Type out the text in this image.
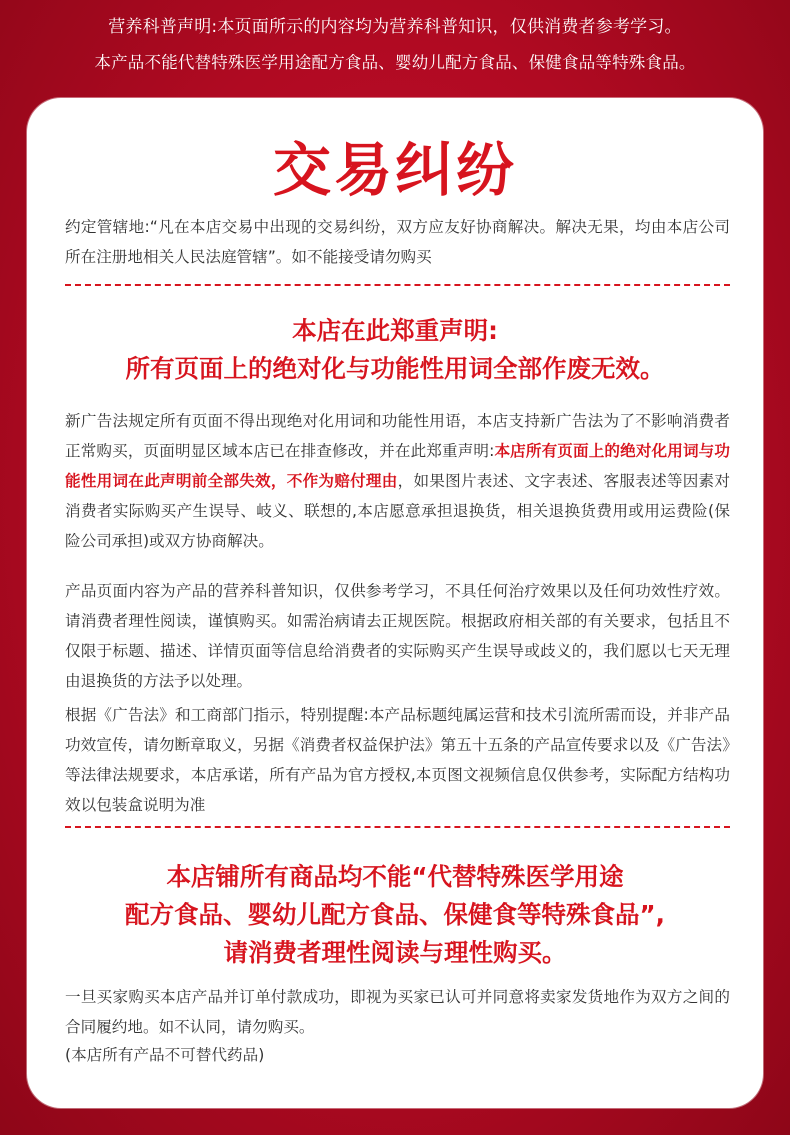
营养科普声明:本页面所示的内容均为营养科普知识，仅供消费者参考学习。
本产品不能代替特殊医学用途配方食品、婴幼儿配方食品、保健食品等特殊食品。
交易纠纷
约定管辖地:“凡在本店交易中出现的交易纠纷，双方应友好协商解决。解决无果，均由本店公司所在注册地相关人民法庭管辖”。如不能接受请勿购买
本店在此郑重声明:
所有页面上的绝对化与功能性用词全部作废无效。
新广告法规定所有页面不得出现绝对化用词和功能性用语，本店支持新广告法为了不影响消费者正常购买，页面明显区域本店已在排查修改，并在此郑重声明:本店所有页面上的绝对化用词与功能性用词在此声明前全部失效，不作为赔付理由，如果图片表述、文字表述、客服表述等因素对消费者实际购买产生误导、岐义、联想的,本店愿意承担退换货，相关退换货费用或用运费险(保险公司承担)或双方协商解决。
产品页面内容为产品的营养科普知识，仅供参考学习，不具任何治疗效果以及任何功效性疗效。请消费者理性阅读，谨慎购买。如需治病请去正规医院。根据政府相关部的有关要求，包括且不仅限于标题、描述、详情页面等信息给消费者的实际购买产生误导或歧义的，我们愿以七天无理由退换货的方法予以处理。
根据《广告法》和工商部门指示，特别提醒:本产品标题纯属运营和技术引流所需而设，并非产品功效宣传，请勿断章取义，另据《消费者权益保护法》第五十五条的产品宣传要求以及《广告法》等法律法规要求，本店承诺，所有产品为官方授权,本页图文视频信息仅供参考，实际配方结构功效以包装盒说明为准
本店铺所有商品均不能“代替特殊医学用途
配方食品、婴幼儿配方食品、保健食等特殊食品”,
请消费者理性阅读与理性购买。
一旦买家购买本店产品并订单付款成功，即视为买家已认可并同意将卖家发货地作为双方之间的合同履约地。如不认同，请勿购买。
(本店所有产品不可替代药品)
